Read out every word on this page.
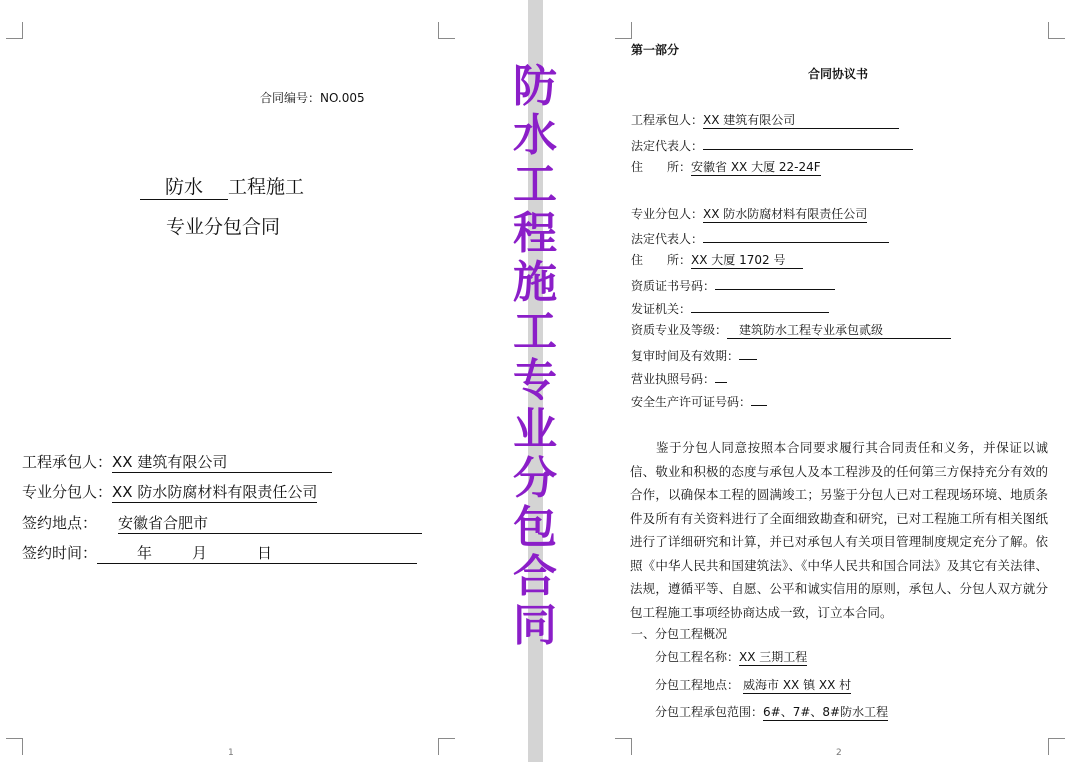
合同编号：NO.005
防水 工程施工
专业分包合同
工程承包人：XX 建筑有限公司
专业分包人：XX 防水防腐材料有限责任公司
签约地点： 安徽省合肥市
签约时间：	年	月	日
1	2
第一部分
合同协议书
工程承包人：XX 建筑有限公司
法定代表人：
住　　所：安徽省 XX 大厦 22-24F
专业分包人：XX 防水防腐材料有限责任公司
法定代表人：
住　　所：XX 大厦 1702 号
资质证书号码：
发证机关：
资质专业及等级： 建筑防水工程专业承包贰级
复审时间及有效期：
营业执照号码：
安全生产许可证号码：
鉴于分包人同意按照本合同要求履行其合同责任和义务，并保证以诚信、敬业和积极的态度与承包人及本工程涉及的任何第三方保持充分有效的合作，以确保本工程的圆满竣工；另鉴于分包人已对工程现场环境、地质条件及所有有关资料进行了全面细致勘查和研究，已对工程施工所有相关图纸进行了详细研究和计算，并已对承包人有关项目管理制度规定充分了解。依照《中华人民共和国建筑法》、《中华人民共和国合同法》及其它有关法律、法规，遵循平等、自愿、公平和诚实信用的原则，承包人、分包人双方就分包工程施工事项经协商达成一致，订立本合同。
一、分包工程概况
分包工程名称：XX 三期工程
分包工程地点： 威海市 XX 镇 XX 村
分包工程承包范围：6#、7#、8#防水工程
防
水
工
程
施
工
专
业
分
包
合
同
